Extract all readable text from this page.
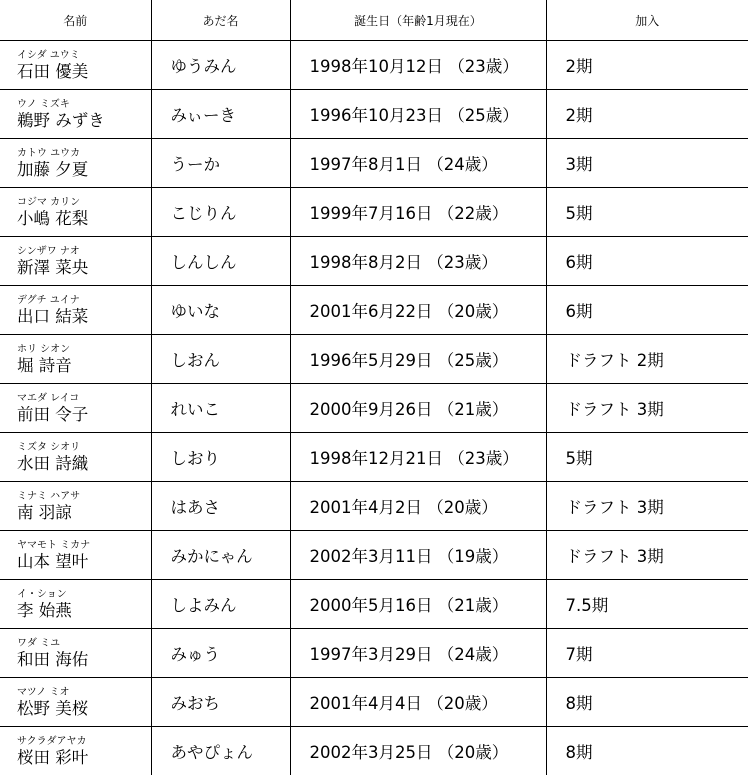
名前	あだ名	誕生日（年齢1月現在）	加入

イシダ ユウミ
石田 優美	ゆうみん	1998年10月12日 （23歳）	2期

ウノ ミズキ
鵜野 みずき	みぃーき	1996年10月23日 （25歳）	2期

カトウ ユウカ
加藤 夕夏	うーか	1997年8月1日 （24歳）	3期

コジマ カリン
小嶋 花梨	こじりん	1999年7月16日 （22歳）	5期

シンザワ ナオ
新澤 菜央	しんしん	1998年8月2日 （23歳）	6期

デグチ ユイナ
出口 結菜	ゆいな	2001年6月22日 （20歳）	6期

ホリ シオン
堀 詩音	しおん	1996年5月29日 （25歳）	ドラフト 2期

マエダ レイコ
前田 令子	れいこ	2000年9月26日 （21歳）	ドラフト 3期

ミズタ シオリ
水田 詩織	しおり	1998年12月21日 （23歳）	5期

ミナミ ハアサ
南 羽諒	はあさ	2001年4月2日 （20歳）	ドラフト 3期

ヤマモト ミカナ
山本 望叶	みかにゃん	2002年3月11日 （19歳）	ドラフト 3期

イ・ション
李 始燕	しよみん	2000年5月16日 （21歳）	7.5期

ワダ ミユ
和田 海佑	みゅう	1997年3月29日 （24歳）	7期

マツノ ミオ
松野 美桜	みおち	2001年4月4日 （20歳）	8期

サクラダアヤカ
桜田 彩叶	あやぴょん	2002年3月25日 （20歳）	8期
